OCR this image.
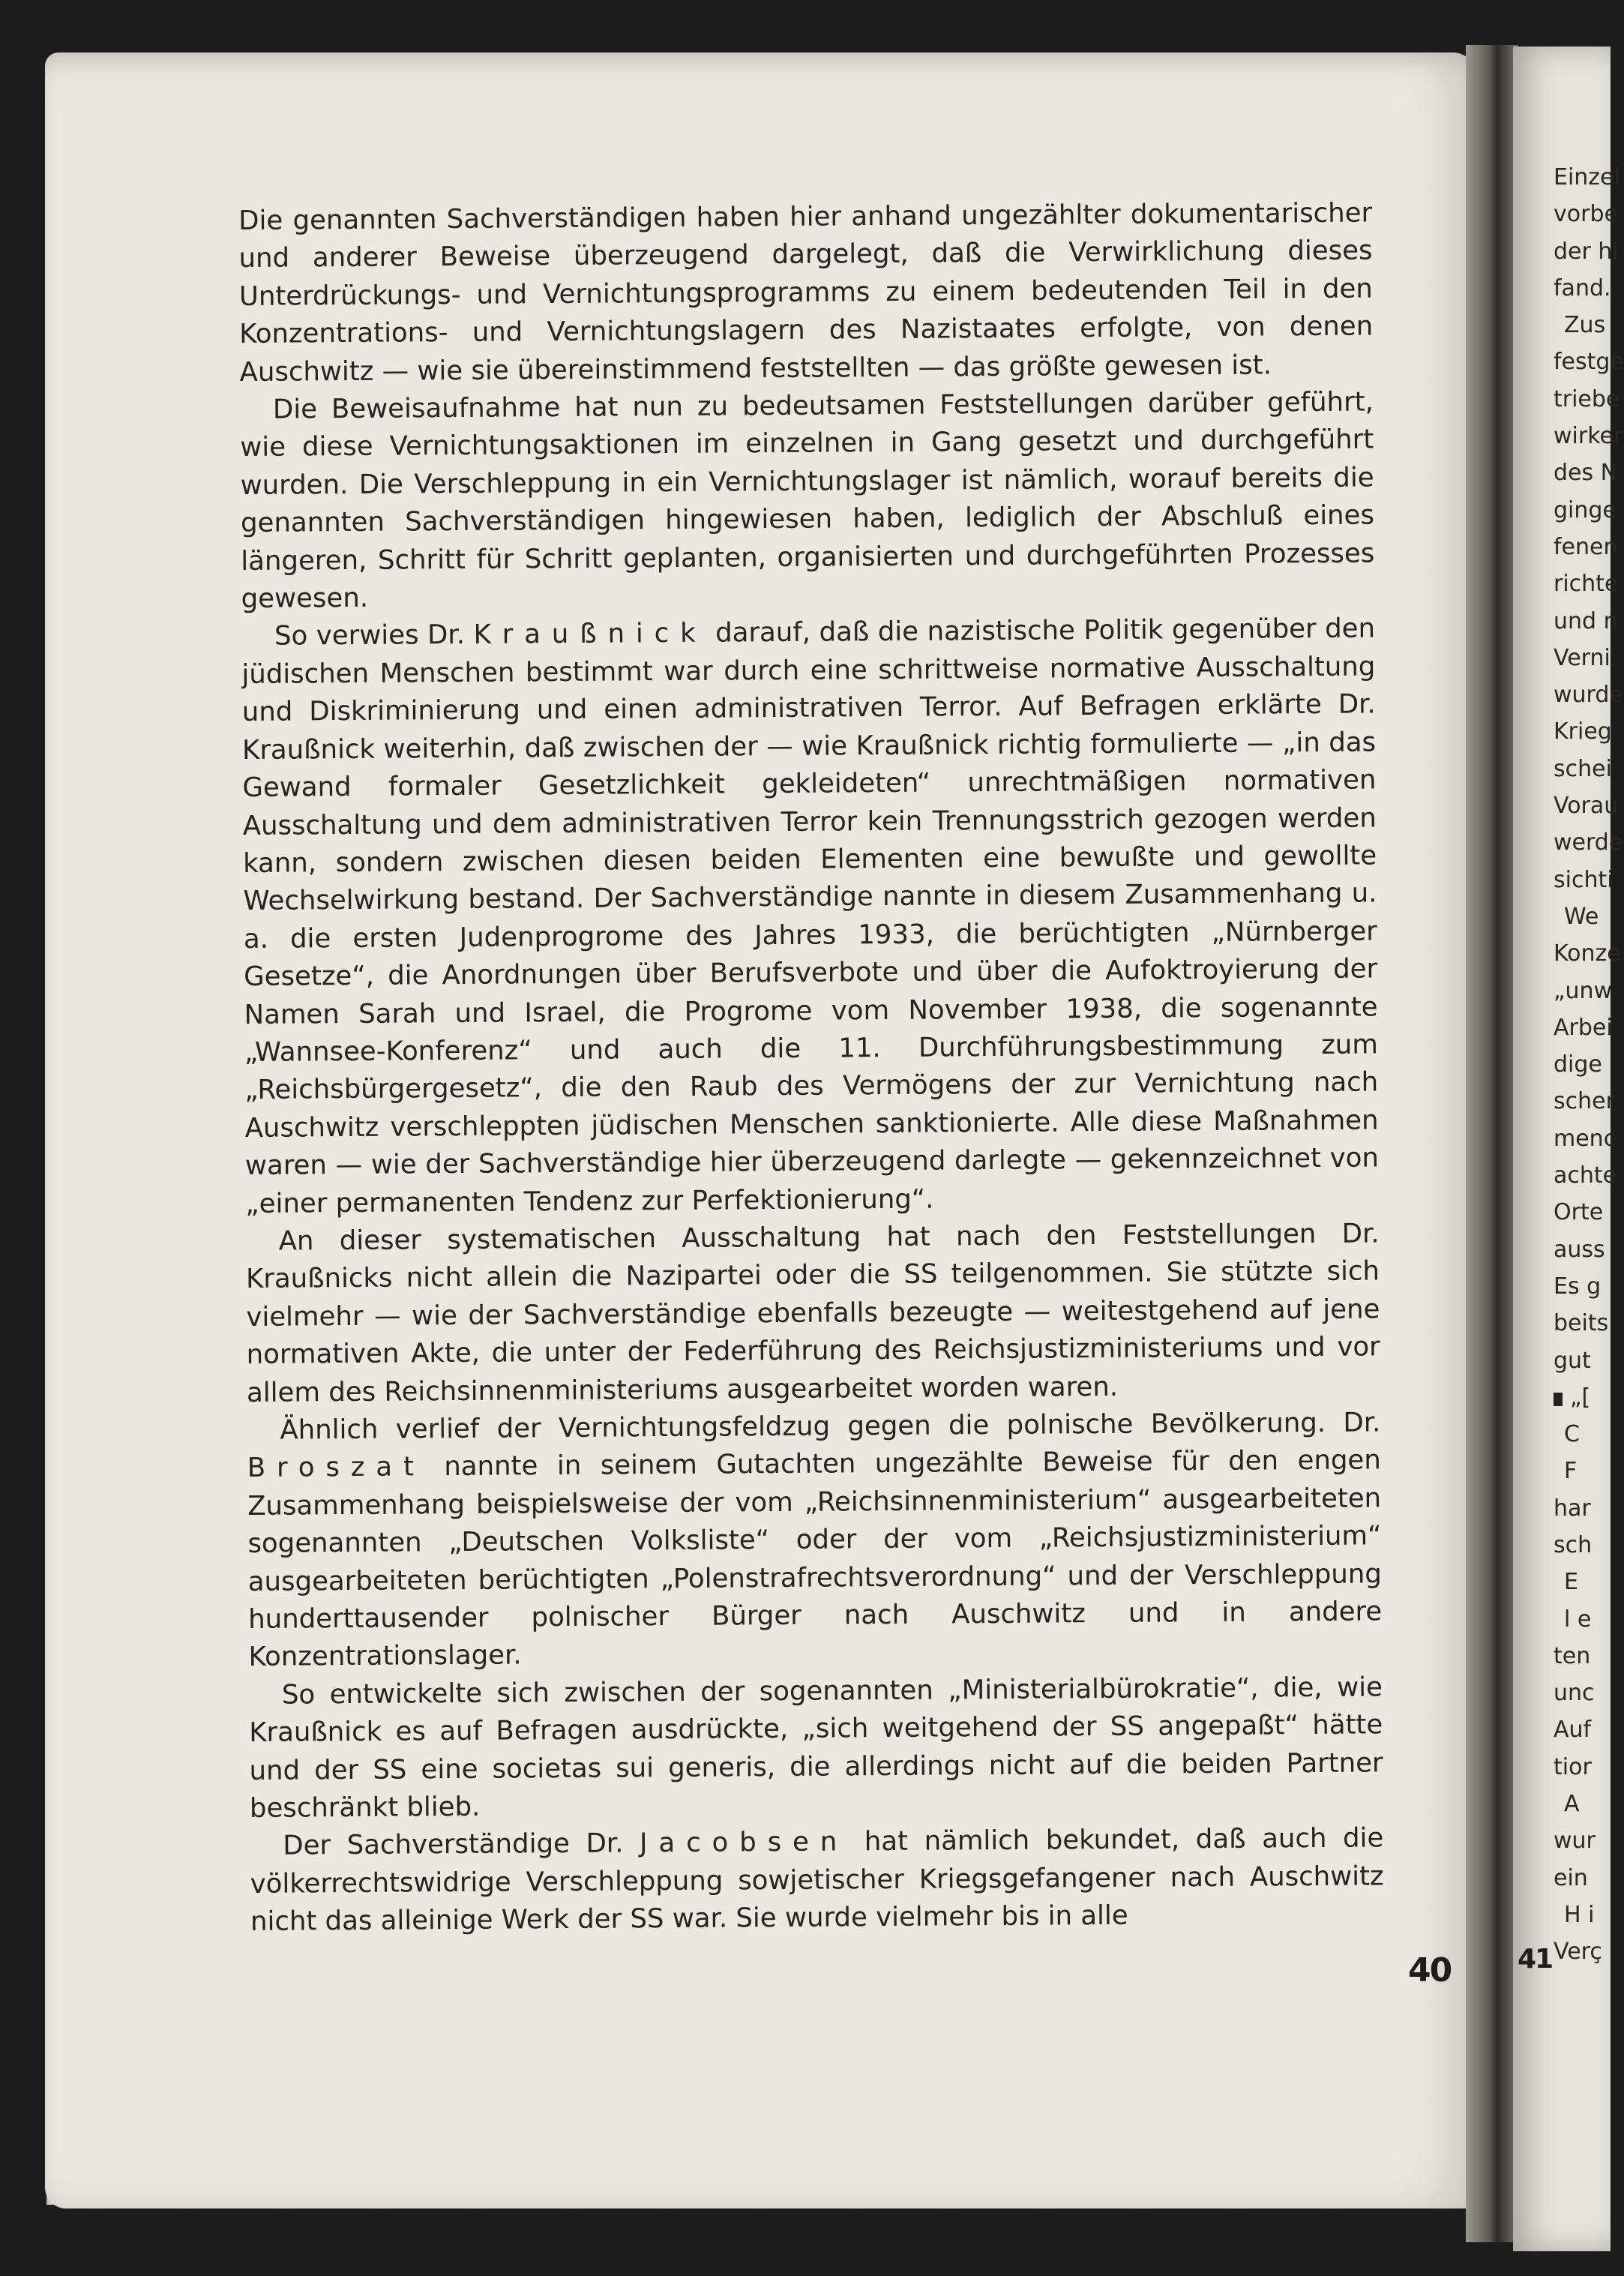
Die genannten Sachverständigen haben hier anhand ungezählter dokumentarischer und anderer Beweise überzeugend dargelegt, daß die Verwirklichung dieses Unterdrückungs- und Vernichtungsprogramms zu einem bedeutenden Teil in den Konzentrations- und Vernichtungslagern des Nazistaates erfolgte, von denen Auschwitz — wie sie übereinstimmend feststellten — das größte gewesen ist.

Die Beweisaufnahme hat nun zu bedeutsamen Feststellungen darüber geführt, wie diese Vernichtungsaktionen im einzelnen in Gang gesetzt und durchgeführt wurden. Die Verschleppung in ein Vernichtungslager ist nämlich, worauf bereits die genannten Sachverständigen hingewiesen haben, lediglich der Abschluß eines längeren, Schritt für Schritt geplanten, organisierten und durchgeführten Prozesses gewesen.

So verwies Dr. Kraußnick darauf, daß die nazistische Politik gegenüber den jüdischen Menschen bestimmt war durch eine schrittweise normative Ausschaltung und Diskriminierung und einen administrativen Terror. Auf Befragen erklärte Dr. Kraußnick weiterhin, daß zwischen der — wie Kraußnick richtig formulierte — „in das Gewand formaler Gesetzlichkeit gekleideten“ unrechtmäßigen normativen Ausschaltung und dem administrativen Terror kein Trennungsstrich gezogen werden kann, sondern zwischen diesen beiden Elementen eine bewußte und gewollte Wechselwirkung bestand. Der Sachverständige nannte in diesem Zusammenhang u. a. die ersten Judenprogrome des Jahres 1933, die berüchtigten „Nürnberger Gesetze“, die Anordnungen über Berufsverbote und über die Aufoktroyierung der Namen Sarah und Israel, die Progrome vom November 1938, die sogenannte „Wannsee-Konferenz“ und auch die 11. Durchführungsbestimmung zum „Reichsbürgergesetz“, die den Raub des Vermögens der zur Vernichtung nach Auschwitz verschleppten jüdischen Menschen sanktionierte. Alle diese Maßnahmen waren — wie der Sachverständige hier überzeugend darlegte — gekennzeichnet von „einer permanenten Tendenz zur Perfektionierung“.

An dieser systematischen Ausschaltung hat nach den Feststellungen Dr. Kraußnicks nicht allein die Nazipartei oder die SS teilgenommen. Sie stützte sich vielmehr — wie der Sachverständige ebenfalls bezeugte — weitestgehend auf jene normativen Akte, die unter der Federführung des Reichsjustizministeriums und vor allem des Reichsinnenministeriums ausgearbeitet worden waren.

Ähnlich verlief der Vernichtungsfeldzug gegen die polnische Bevölkerung. Dr. Broszat nannte in seinem Gutachten ungezählte Beweise für den engen Zusammenhang beispielsweise der vom „Reichsinnenministerium“ ausgearbeiteten sogenannten „Deutschen Volksliste“ oder der vom „Reichsjustizministerium“ ausgearbeiteten berüchtigten „Polenstrafrechtsverordnung“ und der Verschleppung hunderttausender polnischer Bürger nach Auschwitz und in andere Konzentrationslager.

So entwickelte sich zwischen der sogenannten „Ministerialbürokratie“, die, wie Kraußnick es auf Befragen ausdrückte, „sich weitgehend der SS angepaßt“ hätte und der SS eine societas sui generis, die allerdings nicht auf die beiden Partner beschränkt blieb.

Der Sachverständige Dr. Jacobsen hat nämlich bekundet, daß auch die völkerrechtswidrige Verschleppung sowjetischer Kriegsgefangener nach Auschwitz nicht das alleinige Werk der SS war. Sie wurde vielmehr bis in alle

40 41
Einzel
vorbe
der hi
fand.
Zus
festge
triebe
wirker
des N
ginge
fenen
richte
und n
Verni
wurde
Krieg
schei
Vorau
werde
sichti
We
Konze
„unw
Arbei
dige
scher
menc
achte
Orte
auss
Es g
beits
gut
„[
C
F
har
sch
E
l e
ten
unc
Auf
tior
A
wur
ein
H i
Verç
